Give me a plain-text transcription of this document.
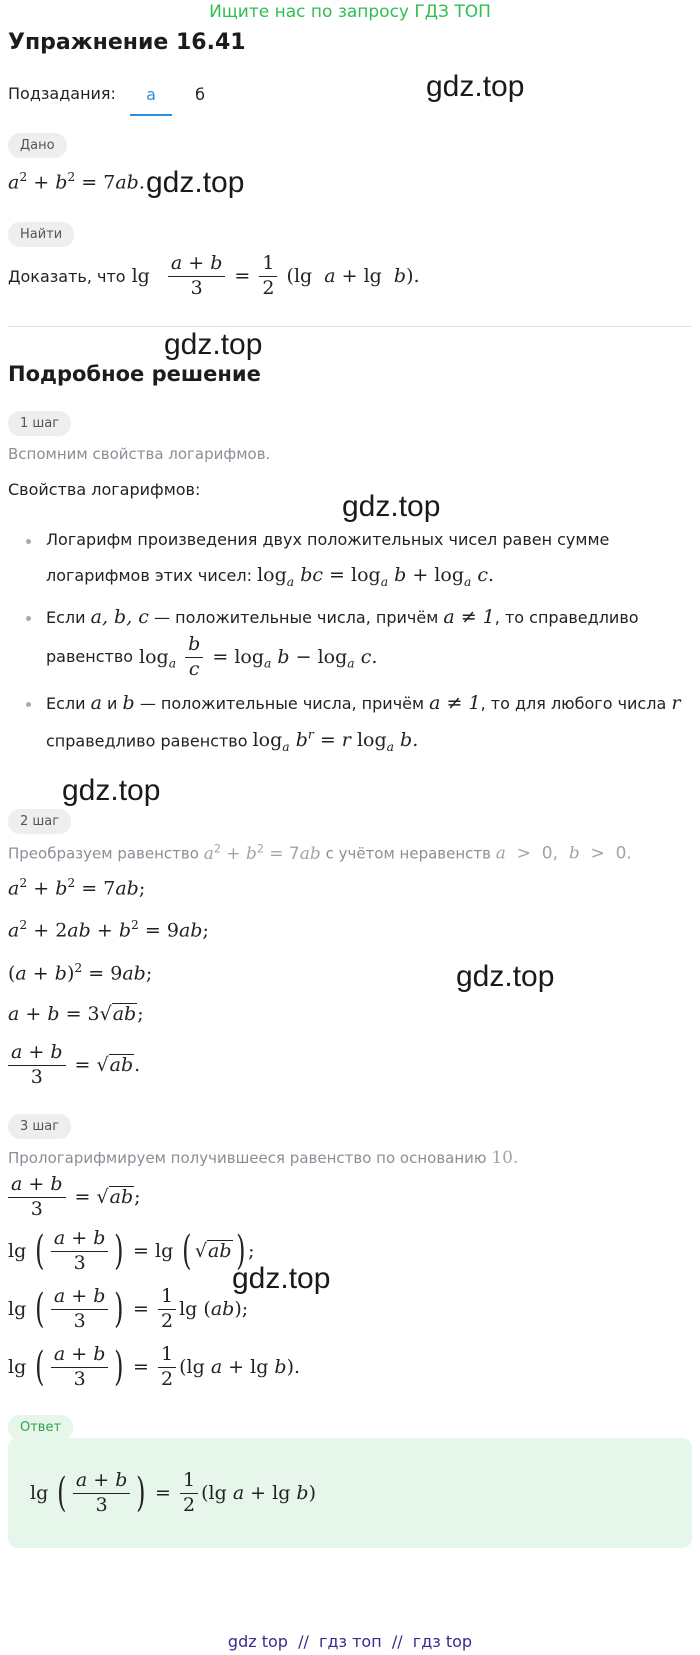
Ищите нас по запросу ГДЗ ТОП
Упражнение 16.41
Подзадания:	а	б	gdz.top
gdz.top
gdz.top
gdz.top
gdz.top
gdz.top
gdz.top
Дано
$a^2 + b^2 = 7ab$.
Найти
Доказать, что $\lg \frac{a + b}{3} = \frac{1}{2} (\lg$  a + lg  b).
Подробное решение
1 шаг
Вспомним свойства логарифмов.
Свойства логарифмов:
Логарифм произведения двух положительных чисел равен сумме
логарифмов этих чисел: $\log_a$ bc = $\log_a b + \log_a c$.
Если a, b, c — положительные числа, причём a ≠ 1, то справедливо
равенство $\log_a \frac{b}{c} = \log_a b - \log_a c$.
Если a и b — положительные числа, причём a ≠ 1, то для любого числа r
справедливо равенство $\log_a b^r = r$ $\log_a b$.
2 шаг
Преобразуем равенство $a^2 + b^2 = 7ab$ с учётом неравенств a  >  0,  b  >  0.
$a^2 + b^2 = 7ab$;
$a^2 + 2ab + b^2 = 9ab$;
$(a + b)^2 = 9ab$;
a + b = 3√ab;
$\frac{a + b}{3}$ = √ ab .
3 шаг
Прологарифмируем получившееся равенство по основанию 10.
$\frac{a + b}{3}$ = √ ab ;
lg ( $\frac{a + b}{3}$ ) = lg ( √ ab ) ;
lg ( $\frac{a + b}{3}$ ) = $\frac{1}{2}$ lg ( ab );
lg ( $\frac{a + b}{3}$ ) = $\frac{1}{2} (\lg$ a + lg b ).
Ответ
lg ( $\frac{a + b}{3}$ ) = $\frac{1}{2} (\lg$ a + lg b )
gdz top  //  гдз топ  //  гдз top
